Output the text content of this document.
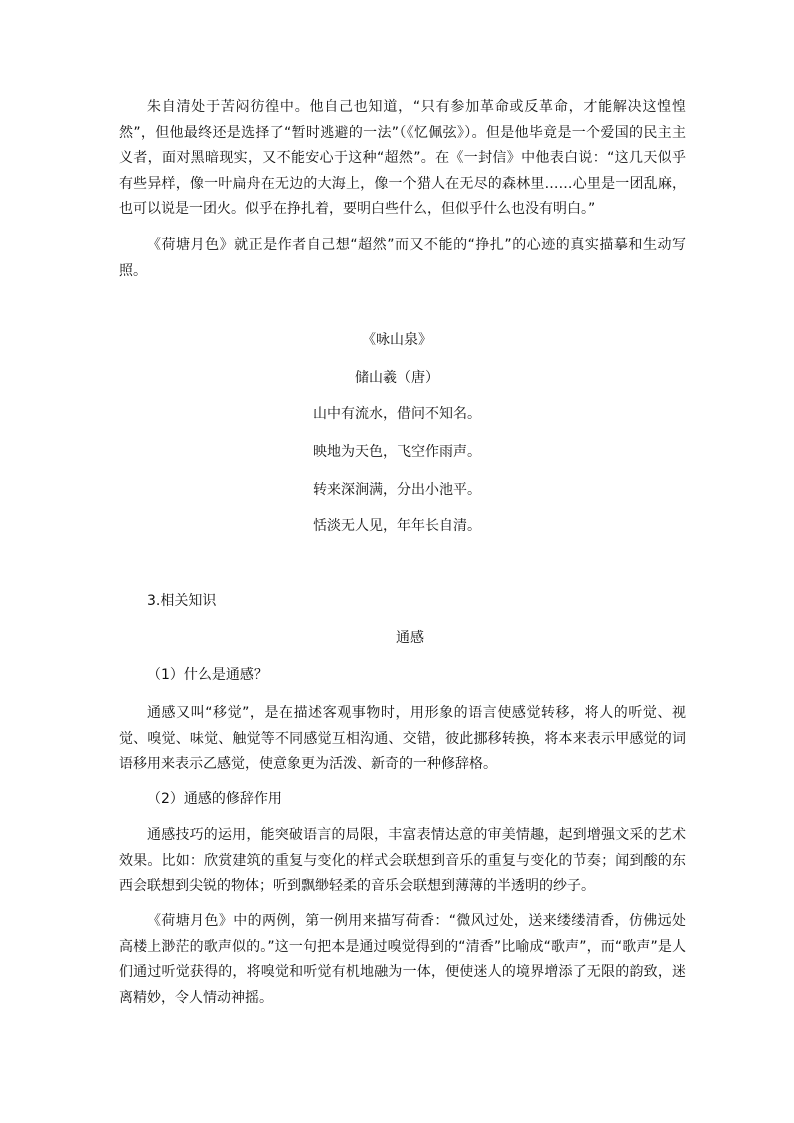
朱自清处于苦闷彷徨中。他自己也知道，“只有参加革命或反革命，才能解决这惶惶然”，但他最终还是选择了“暂时逃避的一法”（《忆佩弦》）。但是他毕竟是一个爱国的民主主义者，面对黑暗现实，又不能安心于这种“超然”。在《一封信》中他表白说：“这几天似乎有些异样，像一叶扁舟在无边的大海上，像一个猎人在无尽的森林里……心里是一团乱麻，也可以说是一团火。似乎在挣扎着，要明白些什么，但似乎什么也没有明白。”

《荷塘月色》就正是作者自己想“超然”而又不能的“挣扎”的心迹的真实描摹和生动写照。

《咏山泉》

储山羲（唐）

山中有流水，借问不知名。

映地为天色，飞空作雨声。

转来深涧满，分出小池平。

恬淡无人见，年年长自清。

3.相关知识

通感

（1）什么是通感？

通感又叫“移觉”，是在描述客观事物时，用形象的语言使感觉转移，将人的听觉、视觉、嗅觉、味觉、触觉等不同感觉互相沟通、交错，彼此挪移转换，将本来表示甲感觉的词语移用来表示乙感觉，使意象更为活泼、新奇的一种修辞格。

（2）通感的修辞作用

通感技巧的运用，能突破语言的局限，丰富表情达意的审美情趣，起到增强文采的艺术效果。比如：欣赏建筑的重复与变化的样式会联想到音乐的重复与变化的节奏；闻到酸的东西会联想到尖锐的物体；听到飘缈轻柔的音乐会联想到薄薄的半透明的纱子。

《荷塘月色》中的两例，第一例用来描写荷香：“微风过处，送来缕缕清香，仿佛远处高楼上渺茫的歌声似的。”这一句把本是通过嗅觉得到的“清香”比喻成“歌声”，而“歌声”是人们通过听觉获得的，将嗅觉和听觉有机地融为一体，便使迷人的境界增添了无限的韵致，迷离精妙，令人情动神摇。
